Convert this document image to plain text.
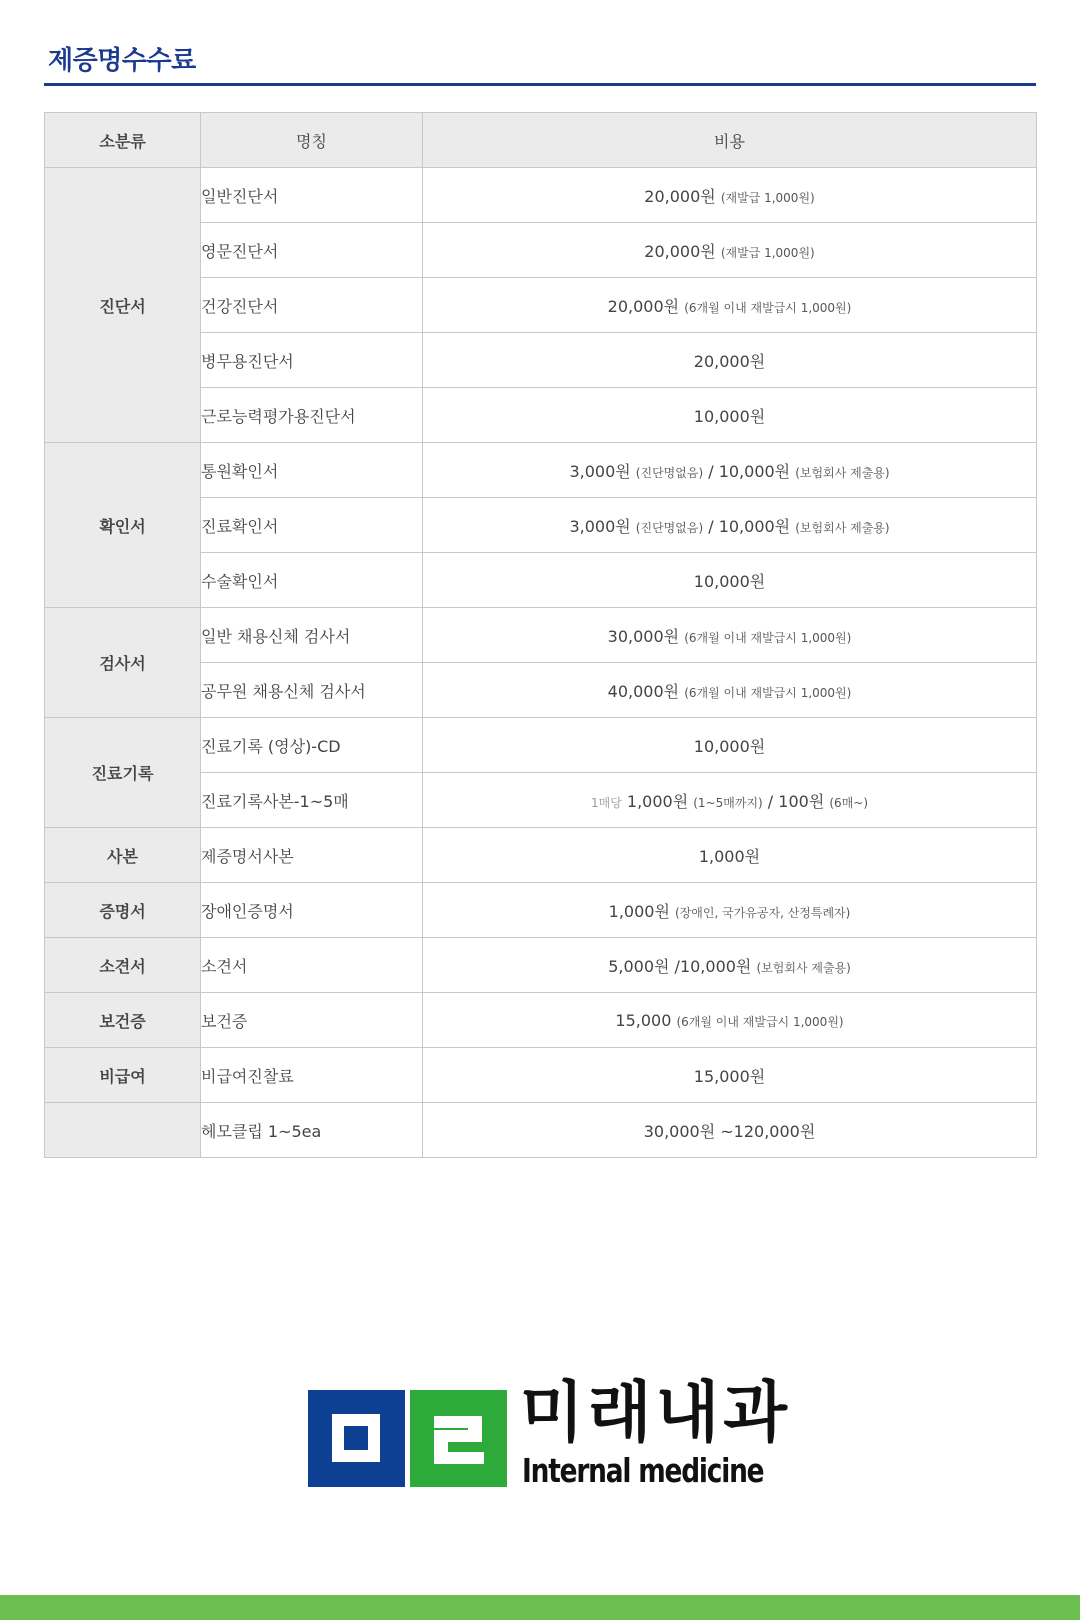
제증명수수료
소분류	명칭	비용
진단서	일반진단서	20,000원 (재발급 1,000원)
	영문진단서	20,000원 (재발급 1,000원)
	건강진단서	20,000원 (6개월 이내 재발급시 1,000원)
	병무용진단서	20,000원
	근로능력평가용진단서	10,000원
확인서	통원확인서	3,000원 (진단명없음) / 10,000원 (보험회사 제출용)
	진료확인서	3,000원 (진단명없음) / 10,000원 (보험회사 제출용)
	수술확인서	10,000원
검사서	일반 채용신체 검사서	30,000원 (6개월 이내 재발급시 1,000원)
	공무원 채용신체 검사서	40,000원 (6개월 이내 재발급시 1,000원)
진료기록	진료기록 (영상)-CD	10,000원
	진료기록사본-1~5매	1매당 1,000원 (1~5매까지) / 100원 (6매~)
사본	제증명서사본	1,000원
증명서	장애인증명서	1,000원 (장애인, 국가유공자, 산정특례자)
소견서	소견서	5,000원 /10,000원 (보험회사 제출용)
보건증	보건증	15,000 (6개월 이내 재발급시 1,000원)
비급여	비급여진찰료	15,000원
	헤모클립 1~5ea	30,000원 ~120,000원
미래내과
Internal medicine
